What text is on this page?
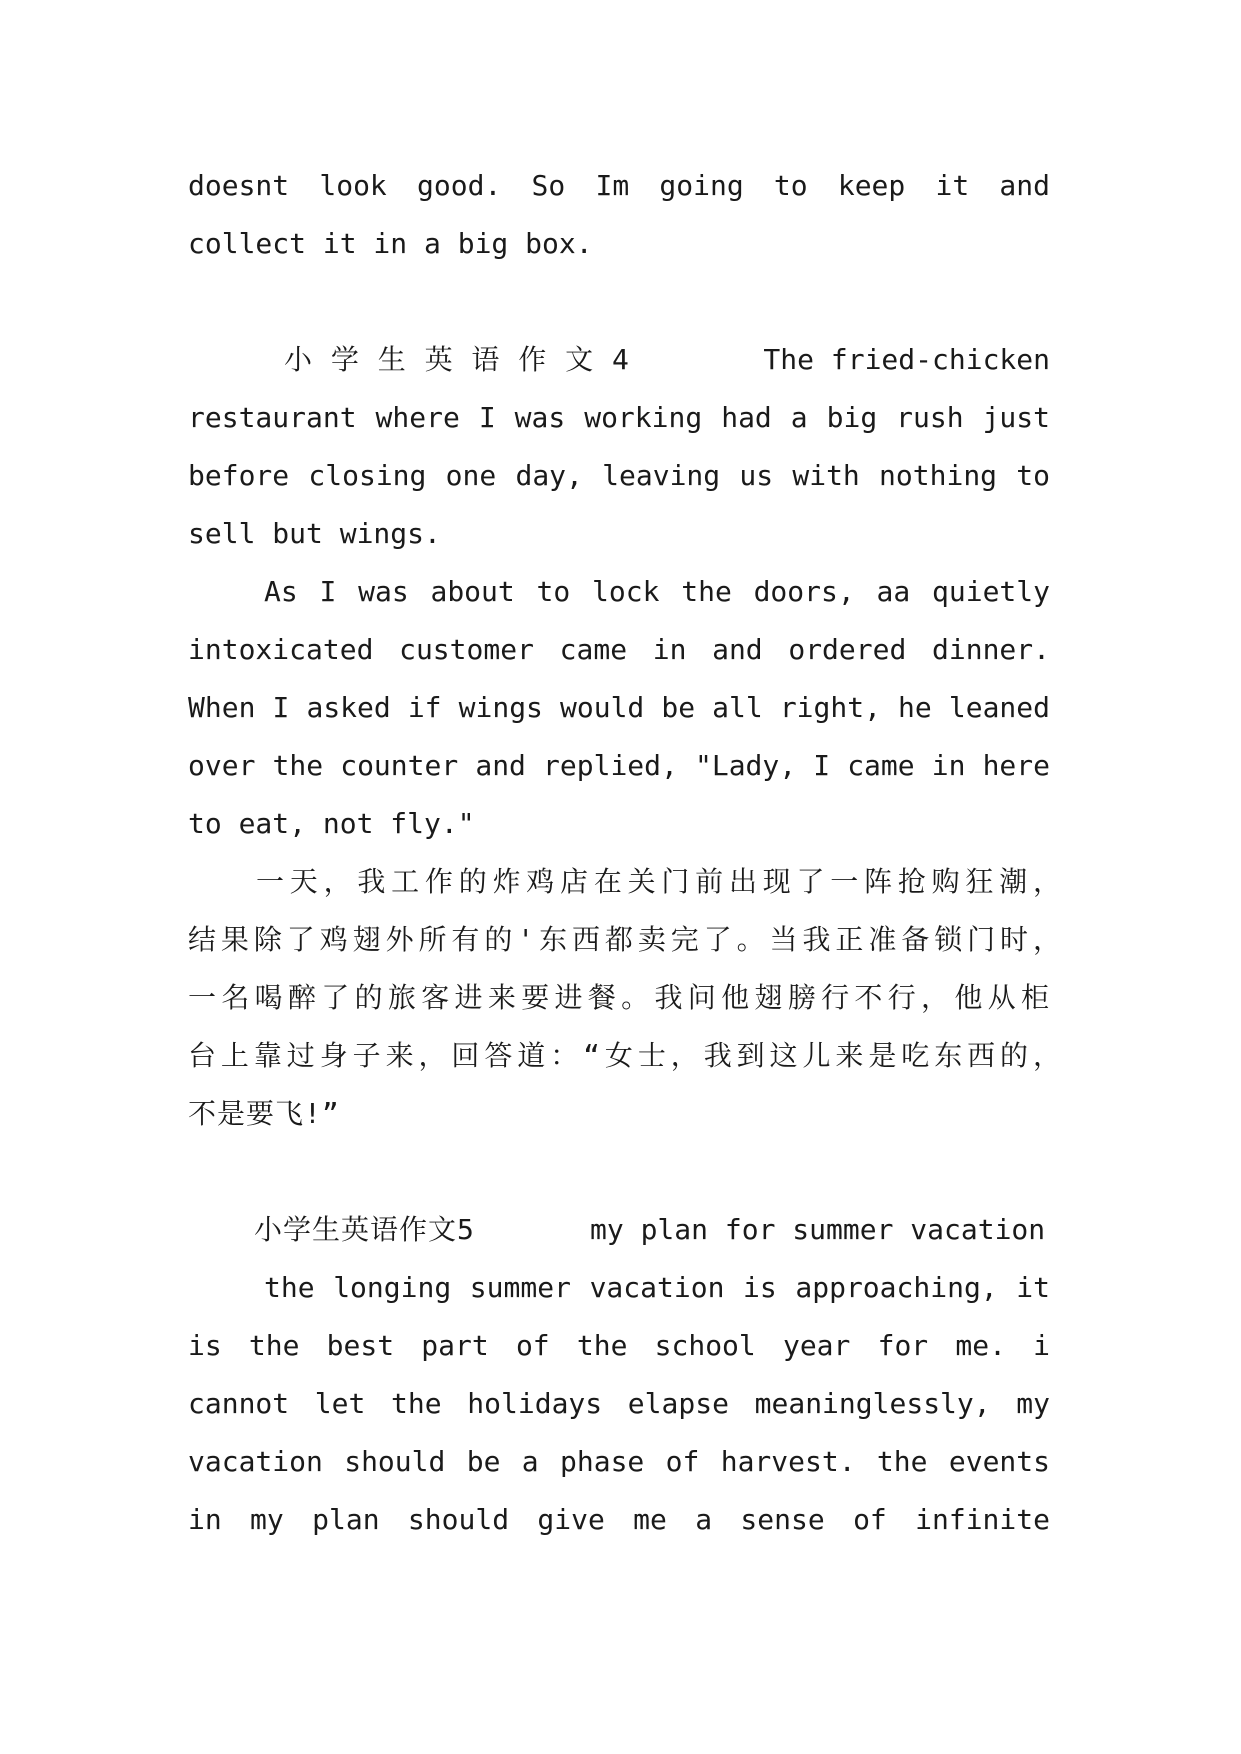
doesnt look good. So Im going to keep it and
collect it in a big box.
小 学 生 英 语 作 文 4	The fried-chicken
restaurant where I was working had a big rush just
before closing one day, leaving us with nothing to
sell but wings.
As I was about to lock the doors, aa quietly
intoxicated customer came in and ordered dinner.
When I asked if wings would be all right, he leaned
over the counter and replied, "Lady, I came in here
to eat, not fly."
一天，我工作的炸鸡店在关门前出现了一阵抢购狂潮，
结果除了鸡翅外所有的'东西都卖完了。当我正准备锁门时，
一名喝醉了的旅客进来要进餐。我问他翅膀行不行，他从柜
台上靠过身子来，回答道：“女士，我到这儿来是吃东西的，
不是要飞!”
小学生英语作文5	my plan for summer vacation
the longing summer vacation is approaching, it
is the best part of the school year for me. i
cannot let the holidays elapse meaninglessly, my
vacation should be a phase of harvest. the events
in my plan should give me a sense of infinite
